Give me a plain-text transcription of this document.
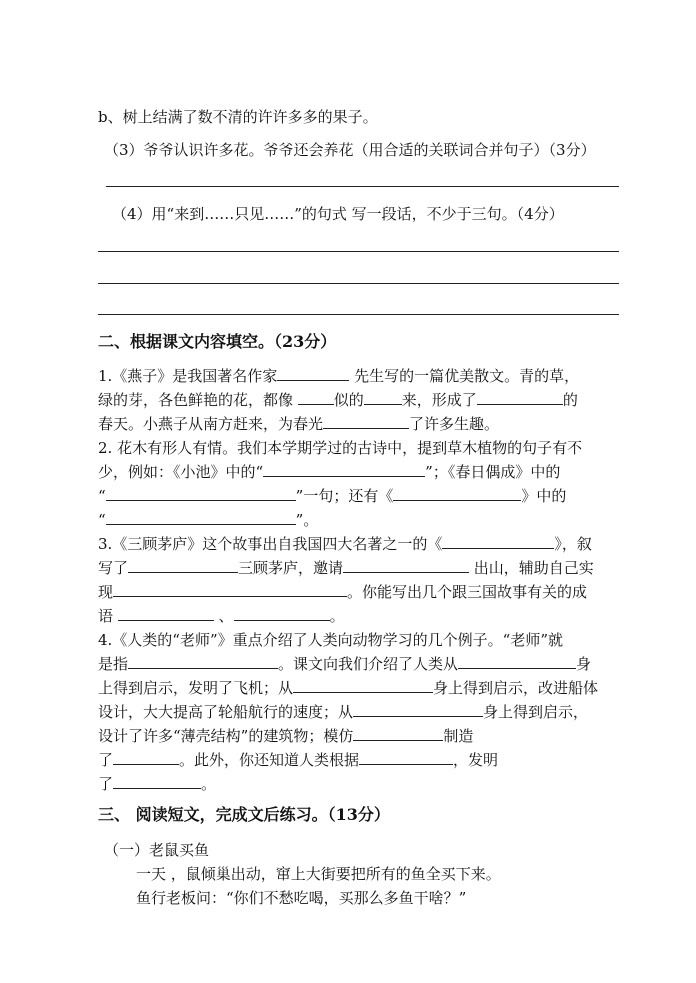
b、树上结满了数不清的许许多多的果子。
（3）爷爷认识许多花。爷爷还会养花（用合适的关联词合并句子）（3分）
（4）用“来到……只见……”的句式 写一段话，不少于三句。（4分）
二、根据课文内容填空。（23分）
1.《燕子》是我国著名作家	先生写的一篇优美散文。青的草，
绿的芽，各色鲜艳的花，都像 似的	来，形成了	的
春天。小燕子从南方赶来，为春光	了许多生趣。
2. 花木有形人有情。我们本学期学过的古诗中，提到草木植物的句子有不
少，例如：《小池》中的“	”；《春日偶成》中的
“	”一句；还有《	》中的
“	”。
3.《三顾茅庐》这个故事出自我国四大名著之一的《	》，叙
写了	三顾茅庐，邀请	出山，辅助自己实
现	。你能写出几个跟三国故事有关的成
语	、	。
4.《人类的“老师”》重点介绍了人类向动物学习的几个例子。“老师”就
是指	。课文向我们介绍了人类从	身
上得到启示，发明了飞机；从	身上得到启示，改进船体
设计，大大提高了轮船航行的速度；从	身上得到启示，
设计了许多“薄壳结构”的建筑物；模仿	制造
了	。此外，你还知道人类根据	，发明
了	。
三、 阅读短文，完成文后练习。（13分）
（一）老鼠买鱼
一天 ，鼠倾巢出动，窜上大街要把所有的鱼全买下来。
鱼行老板问：“你们不愁吃喝，买那么多鱼干啥？”
